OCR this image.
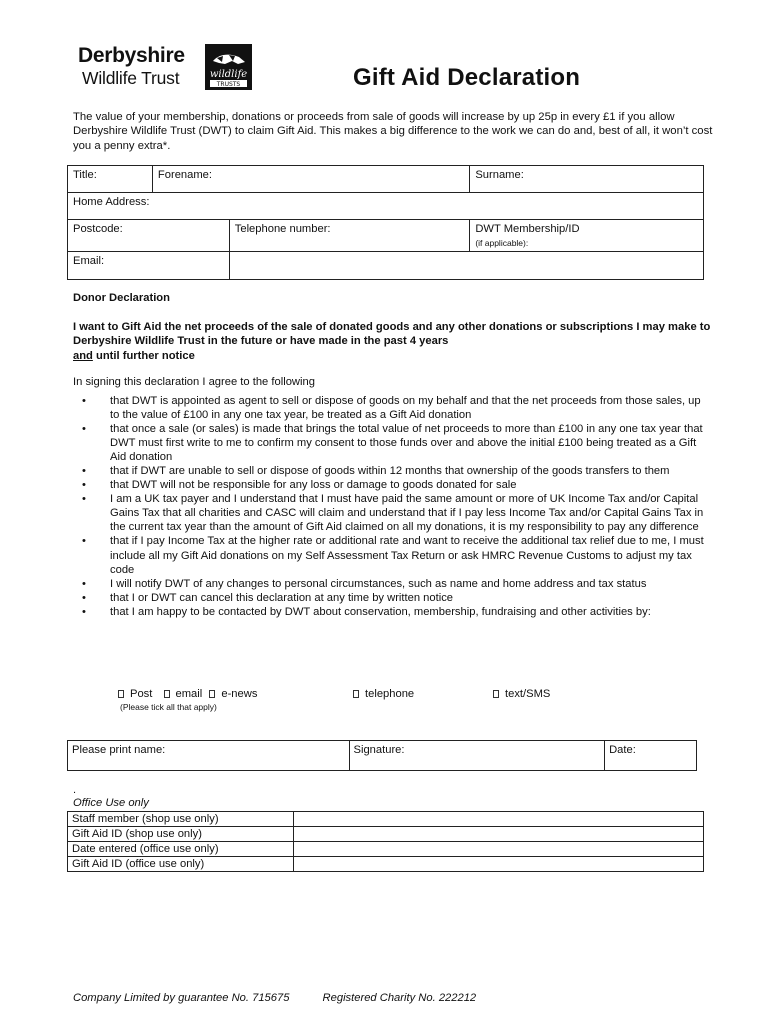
Derbyshire
Wildlife Trust	wildlife
TRUSTS	Gift Aid Declaration
The value of your membership, donations or proceeds from sale of goods will increase by up 25p in every £1 if you allow Derbyshire Wildlife Trust (DWT) to claim Gift Aid. This makes a big difference to the work we can do and, best of all, it won’t cost you a penny extra*.
Title:	Forename:		Surname:
Home Address:			
Postcode:		Telephone number:	DWT Membership/ID
(if applicable):

Email:			
Donor Declaration
I want to Gift Aid the net proceeds of the sale of donated goods and any other donations or subscriptions I may make to Derbyshire Wildlife Trust in the future or have made in the past 4 years
and until further notice
In signing this declaration I agree to the following
• that DWT is appointed as agent to sell or dispose of goods on my behalf and that the net proceeds from those sales, up to the value of £100 in any one tax year, be treated as a Gift Aid donation
• that once a sale (or sales) is made that brings the total value of net proceeds to more than £100 in any one tax year that DWT must first write to me to confirm my consent to those funds over and above the initial £100 being treated as a Gift Aid donation
• that if DWT are unable to sell or dispose of goods within 12 months that ownership of the goods transfers to them
• that DWT will not be responsible for any loss or damage to goods donated for sale
• I am a UK tax payer and I understand that I must have paid the same amount or more of UK Income Tax and/or Capital Gains Tax that all charities and CASC will claim and understand that if I pay less Income Tax and/or Capital Gains Tax in the current tax year than the amount of Gift Aid claimed on all my donations, it is my responsibility to pay any difference
• that if I pay Income Tax at the higher rate or additional rate and want to receive the additional tax relief due to me, I must include all my Gift Aid donations on my Self Assessment Tax Return or ask HMRC Revenue Customs to adjust my tax code
• I will notify DWT of any changes to personal circumstances, such as name and home address and tax status
• that I or DWT can cancel this declaration at any time by written notice
• that I am happy to be contacted by DWT about conservation, membership, fundraising and other activities by:
Post email e-news	telephone	text/SMS
(Please tick all that apply)
Please print name:	Signature:	Date:
.
Office Use only
Staff member (shop use only)	
Gift Aid ID (shop use only)	
Date entered (office use only)	
Gift Aid ID (office use only)	
Company Limited by guarantee No. 715675	Registered Charity No. 222212
